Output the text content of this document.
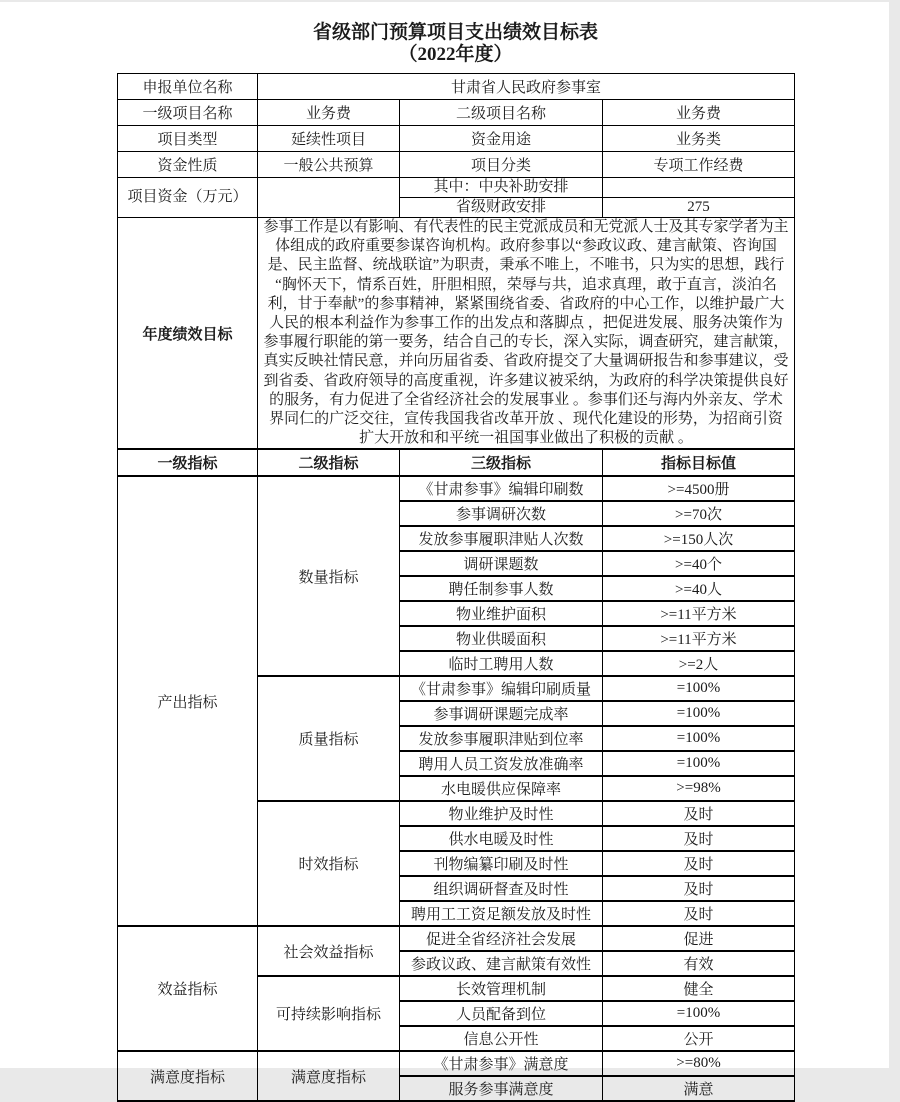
省级部门预算项目支出绩效目标表
（2022年度）
申报单位名称	甘肃省人民政府参事室		
一级项目名称	业务费	二级项目名称	业务费
项目类型	延续性项目	资金用途	业务类
资金性质	一般公共预算	项目分类	专项工作经费
项目资金（万元）		其中：中央补助安排	
		省级财政安排	275
年度绩效目标	参事工作是以有影响、有代表性的民主党派成员和无党派人士及其专家学者为主体组成的政府重要参谋咨询机构。政府参事以“参政议政、建言献策、咨询国是、民主监督、统战联谊”为职责，秉承不唯上，不唯书，只为实的思想，践行“胸怀天下，情系百姓，肝胆相照，荣辱与共，追求真理，敢于直言，淡泊名利，甘于奉献”的参事精神，紧紧围绕省委、省政府的中心工作，以维护最广大人民的根本利益作为参事工作的出发点和落脚点 ，把促进发展、服务决策作为参事履行职能的第一要务，结合自己的专长，深入实际，调查研究，建言献策，真实反映社情民意，并向历届省委、省政府提交了大量调研报告和参事建议，受到省委、省政府领导的高度重视，许多建议被采纳，为政府的科学决策提供良好的服务，有力促进了全省经济社会的发展事业 。参事们还与海内外亲友、学术界同仁的广泛交往，宣传我国我省改革开放 、现代化建设的形势，为招商引资扩大开放和和平统一祖国事业做出了积极的贡献 。		
一级指标	二级指标	三级指标	指标目标值
产出指标	数量指标	《甘肃参事》编辑印刷数	>=4500册
		参事调研次数	>=70次
		发放参事履职津贴人次数	>=150人次
		调研课题数	>=40个
		聘任制参事人数	>=40人
		物业维护面积	>=11平方米
		物业供暖面积	>=11平方米
		临时工聘用人数	>=2人
	质量指标	《甘肃参事》编辑印刷质量	=100%
		参事调研课题完成率	=100%
		发放参事履职津贴到位率	=100%
		聘用人员工资发放准确率	=100%
		水电暖供应保障率	>=98%
	时效指标	物业维护及时性	及时
		供水电暖及时性	及时
		刊物编纂印刷及时性	及时
		组织调研督查及时性	及时
		聘用工工资足额发放及时性	及时
效益指标	社会效益指标	促进全省经济社会发展	促进
		参政议政、建言献策有效性	有效
	可持续影响指标	长效管理机制	健全
		人员配备到位	=100%
		信息公开性	公开
满意度指标	满意度指标	《甘肃参事》满意度	>=80%
		服务参事满意度	满意
